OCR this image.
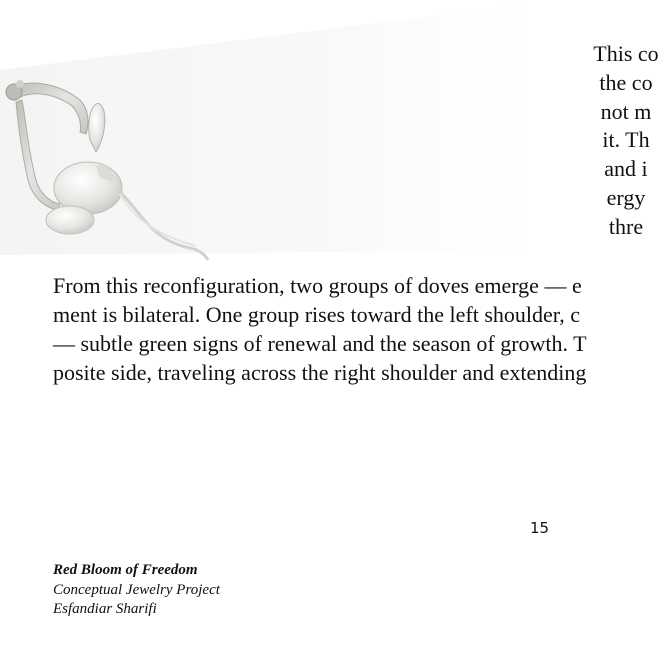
This co
the co
not m
it. Th
and i
ergy
thre
From this reconfiguration, two groups of doves emerge — e
ment is bilateral. One group rises toward the left shoulder, c
— subtle green signs of renewal and the season of growth. T
posite side, traveling across the right shoulder and extending
15
Red Bloom of Freedom
Conceptual Jewelry Project
Esfandiar Sharifi
